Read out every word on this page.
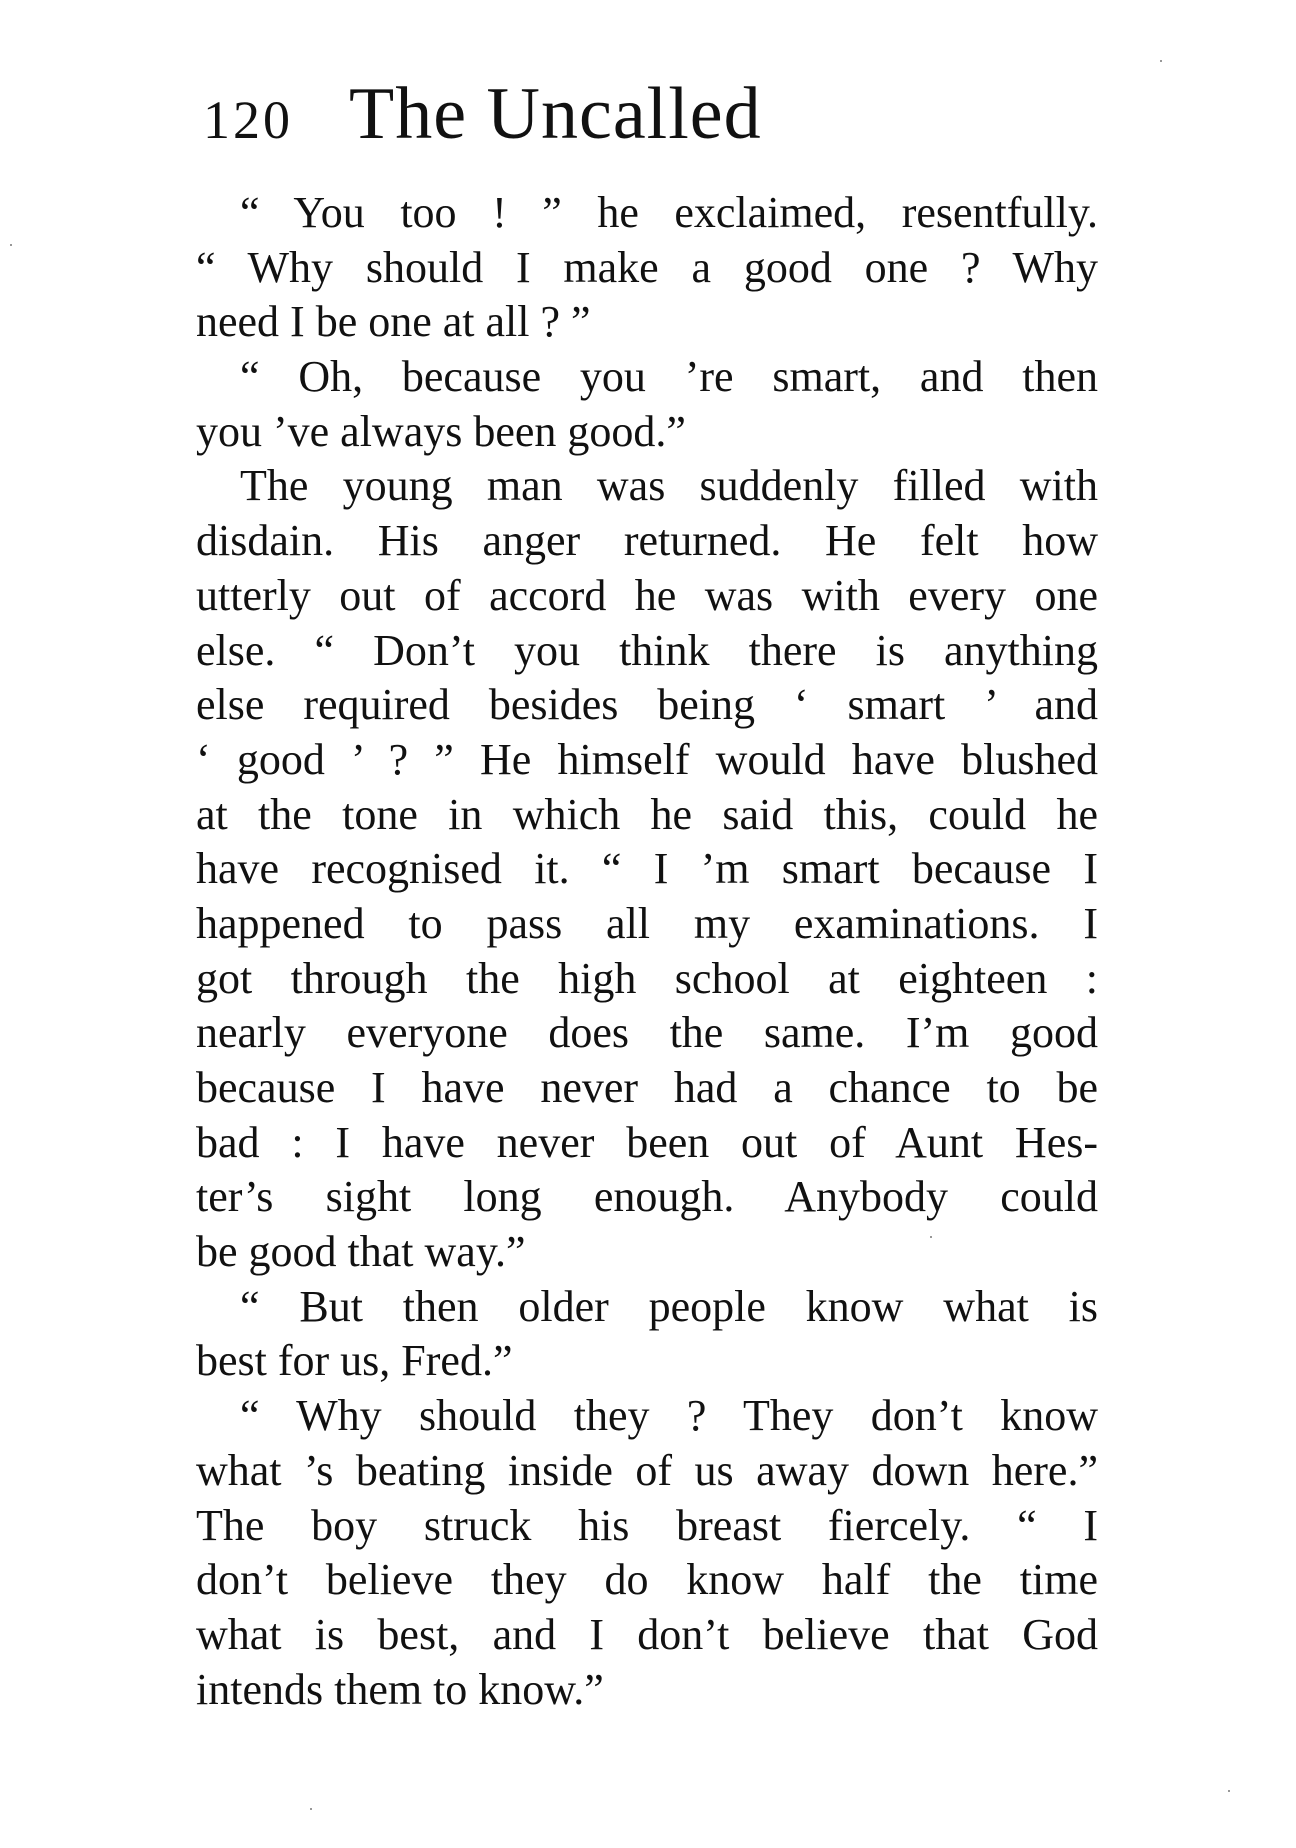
120 The Uncalled
“ You too ! ” he exclaimed, resentfully.
“ Why should I make a good one ? Why
need I be one at all ? ”
“ Oh, because you ’re smart, and then
you ’ve always been good.”
The young man was suddenly filled with
disdain. His anger returned. He felt how
utterly out of accord he was with every one
else. “ Don’t you think there is anything
else required besides being ‘ smart ’ and
‘ good ’ ? ” He himself would have blushed
at the tone in which he said this, could he
have recognised it. “ I ’m smart because I
happened to pass all my examinations. I
got through the high school at eighteen :
nearly everyone does the same. I’m good
because I have never had a chance to be
bad : I have never been out of Aunt Hes-
ter’s sight long enough. Anybody could
be good that way.”
“ But then older people know what is
best for us, Fred.”
“ Why should they ? They don’t know
what ’s beating inside of us away down here.”
The boy struck his breast fiercely. “ I
don’t believe they do know half the time
what is best, and I don’t believe that God
intends them to know.”
